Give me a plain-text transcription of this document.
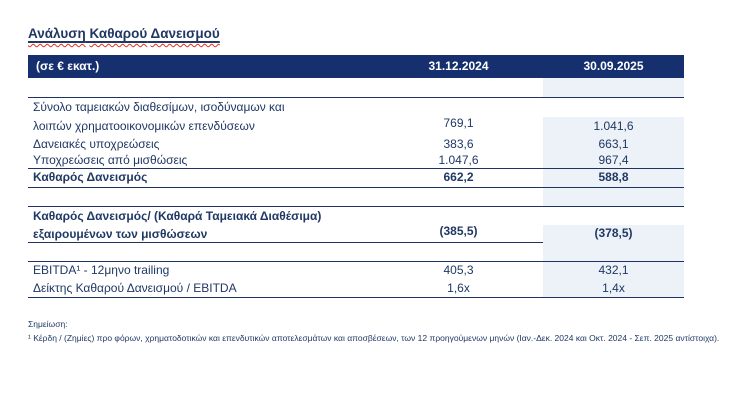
Ανάλυση Καθαρού Δανεισμού
(σε € εκατ.)	31.12.2024	30.09.2025
Σύνολο ταμειακών διαθεσίμων, ισοδύναμων και
λοιπών χρηματοοικονομικών επενδύσεων	769,1	1.041,6
Δανειακές υποχρεώσεις	383,6	663,1
Υποχρεώσεις από μισθώσεις	1.047,6	967,4
Καθαρός Δανεισμός	662,2	588,8
Καθαρός Δανεισμός/ (Καθαρά Ταμειακά Διαθέσιμα)
εξαιρουμένων των μισθώσεων	(385,5)	(378,5)
EBITDA¹ - 12μηνο trailing	405,3	432,1
Δείκτης Καθαρού Δανεισμού / EBITDA	1,6x	1,4x
Σημείωση:
¹ Κέρδη / (Ζημίες) προ φόρων, χρηματοδοτικών και επενδυτικών αποτελεσμάτων και αποσβέσεων, των 12 προηγούμενων μηνών (Ιαν.-Δεκ. 2024 και Οκτ. 2024 - Σεπ. 2025 αντίστοιχα).
